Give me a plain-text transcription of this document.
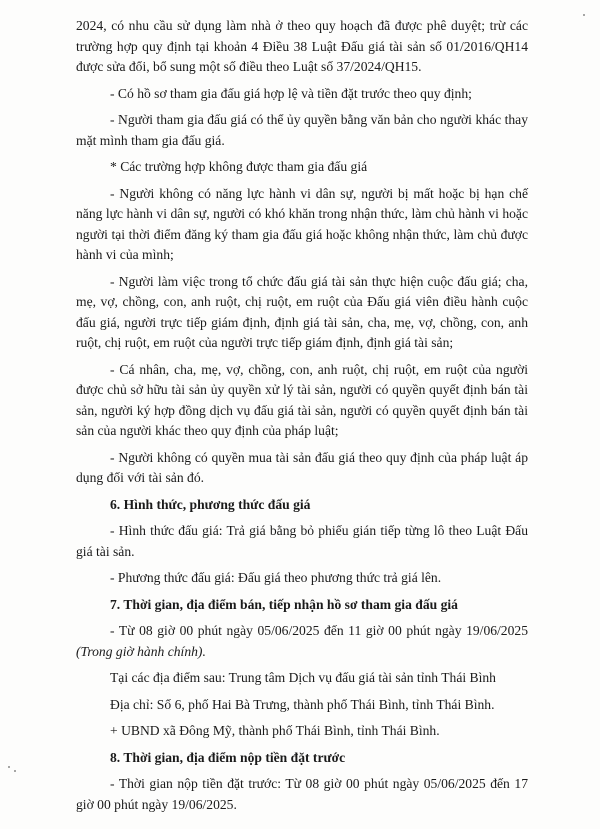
2024, có nhu cầu sử dụng làm nhà ở theo quy hoạch đã được phê duyệt; trừ các trường hợp quy định tại khoản 4 Điều 38 Luật Đấu giá tài sản số 01/2016/QH14 được sửa đổi, bổ sung một số điều theo Luật số 37/2024/QH15.

- Có hồ sơ tham gia đấu giá hợp lệ và tiền đặt trước theo quy định;

- Người tham gia đấu giá có thể ủy quyền bằng văn bản cho người khác thay mặt mình tham gia đấu giá.

* Các trường hợp không được tham gia đấu giá

- Người không có năng lực hành vi dân sự, người bị mất hoặc bị hạn chế năng lực hành vi dân sự, người có khó khăn trong nhận thức, làm chủ hành vi hoặc người tại thời điểm đăng ký tham gia đấu giá hoặc không nhận thức, làm chủ được hành vi của mình;

- Người làm việc trong tổ chức đấu giá tài sản thực hiện cuộc đấu giá; cha, mẹ, vợ, chồng, con, anh ruột, chị ruột, em ruột của Đấu giá viên điều hành cuộc đấu giá, người trực tiếp giám định, định giá tài sản, cha, mẹ, vợ, chồng, con, anh ruột, chị ruột, em ruột của người trực tiếp giám định, định giá tài sản;

- Cá nhân, cha, mẹ, vợ, chồng, con, anh ruột, chị ruột, em ruột của người được chủ sở hữu tài sản ủy quyền xử lý tài sản, người có quyền quyết định bán tài sản, người ký hợp đồng dịch vụ đấu giá tài sản, người có quyền quyết định bán tài sản của người khác theo quy định của pháp luật;

- Người không có quyền mua tài sản đấu giá theo quy định của pháp luật áp dụng đối với tài sản đó.

6. Hình thức, phương thức đấu giá

- Hình thức đấu giá: Trả giá bằng bỏ phiếu gián tiếp từng lô theo Luật Đấu giá tài sản.

- Phương thức đấu giá: Đấu giá theo phương thức trả giá lên.

7. Thời gian, địa điểm bán, tiếp nhận hồ sơ tham gia đấu giá

- Từ 08 giờ 00 phút ngày 05/06/2025 đến 11 giờ 00 phút ngày 19/06/2025 (Trong giờ hành chính).

Tại các địa điểm sau: Trung tâm Dịch vụ đấu giá tài sản tỉnh Thái Bình

Địa chỉ: Số 6, phố Hai Bà Trưng, thành phố Thái Bình, tỉnh Thái Bình.

+ UBND xã Đông Mỹ, thành phố Thái Bình, tỉnh Thái Bình.

8. Thời gian, địa điểm nộp tiền đặt trước

- Thời gian nộp tiền đặt trước: Từ 08 giờ 00 phút ngày 05/06/2025 đến 17 giờ 00 phút ngày 19/06/2025.
